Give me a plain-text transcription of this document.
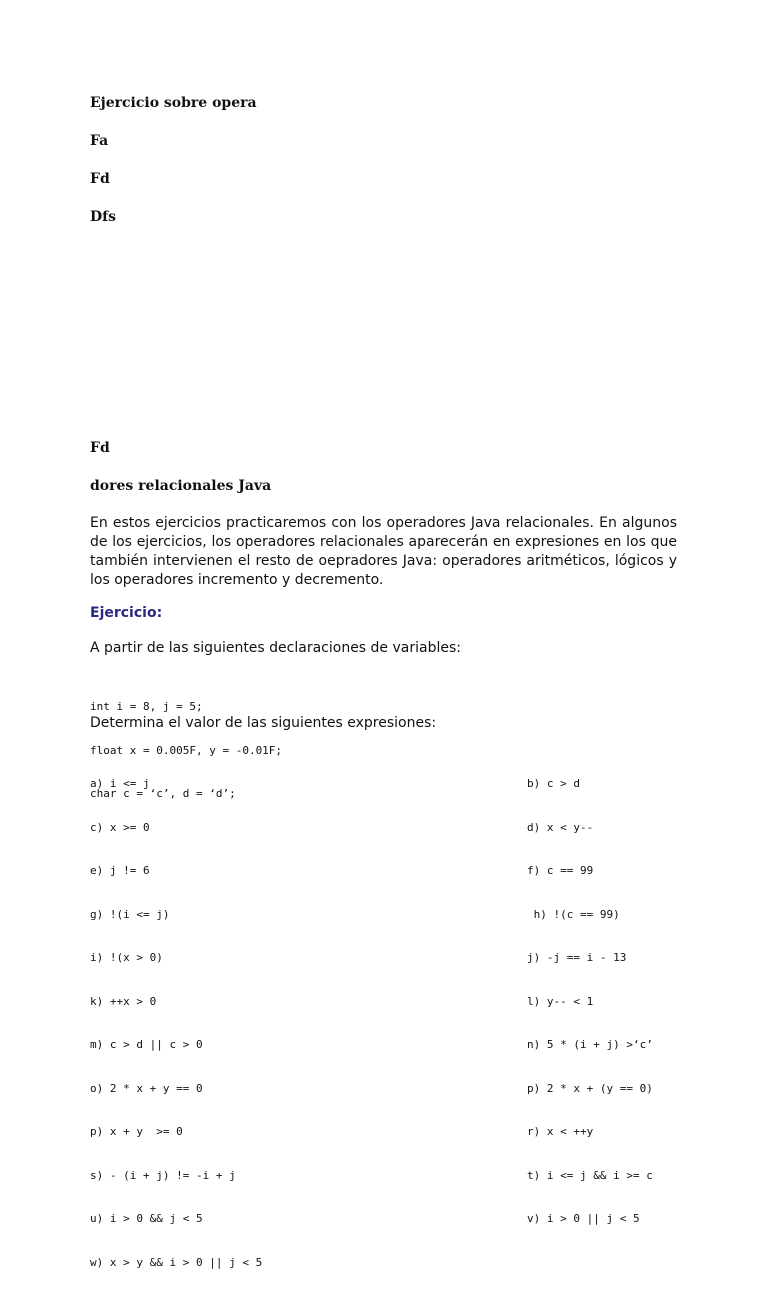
Ejercicio sobre opera
Fa
Fd
Dfs
Fd
dores relacionales Java
En estos ejercicios practicaremos con los operadores Java relacionales. En algunos de los ejercicios, los operadores relacionales aparecerán en expresiones en los que también intervienen el resto de oepradores Java: operadores aritméticos, lógicos y los operadores incremento y decremento.
Ejercicio:
A partir de las siguientes declaraciones de variables:

int i = 8, j = 5;

float x = 0.005F, y = -0.01F;

char c = ‘c’, d = ‘d’;

Determina el valor de las siguientes expresiones:

a) i <= j

c) x >= 0

e) j != 6

g) !(i <= j)

i) !(x > 0)

k) ++x > 0

m) c > d || c > 0

o) 2 * x + y == 0

p) x + y  >= 0

s) - (i + j) != -i + j

u) i > 0 && j < 5

w) x > y && i > 0 || j < 5

b) c > d

d) x < y--

f) c == 99

h) !(c == 99)

j) -j == i - 13

l) y-- < 1

n) 5 * (i + j) >‘c’

p) 2 * x + (y == 0)

r) x < ++y

t) i <= j && i >= c

v) i > 0 || j < 5
